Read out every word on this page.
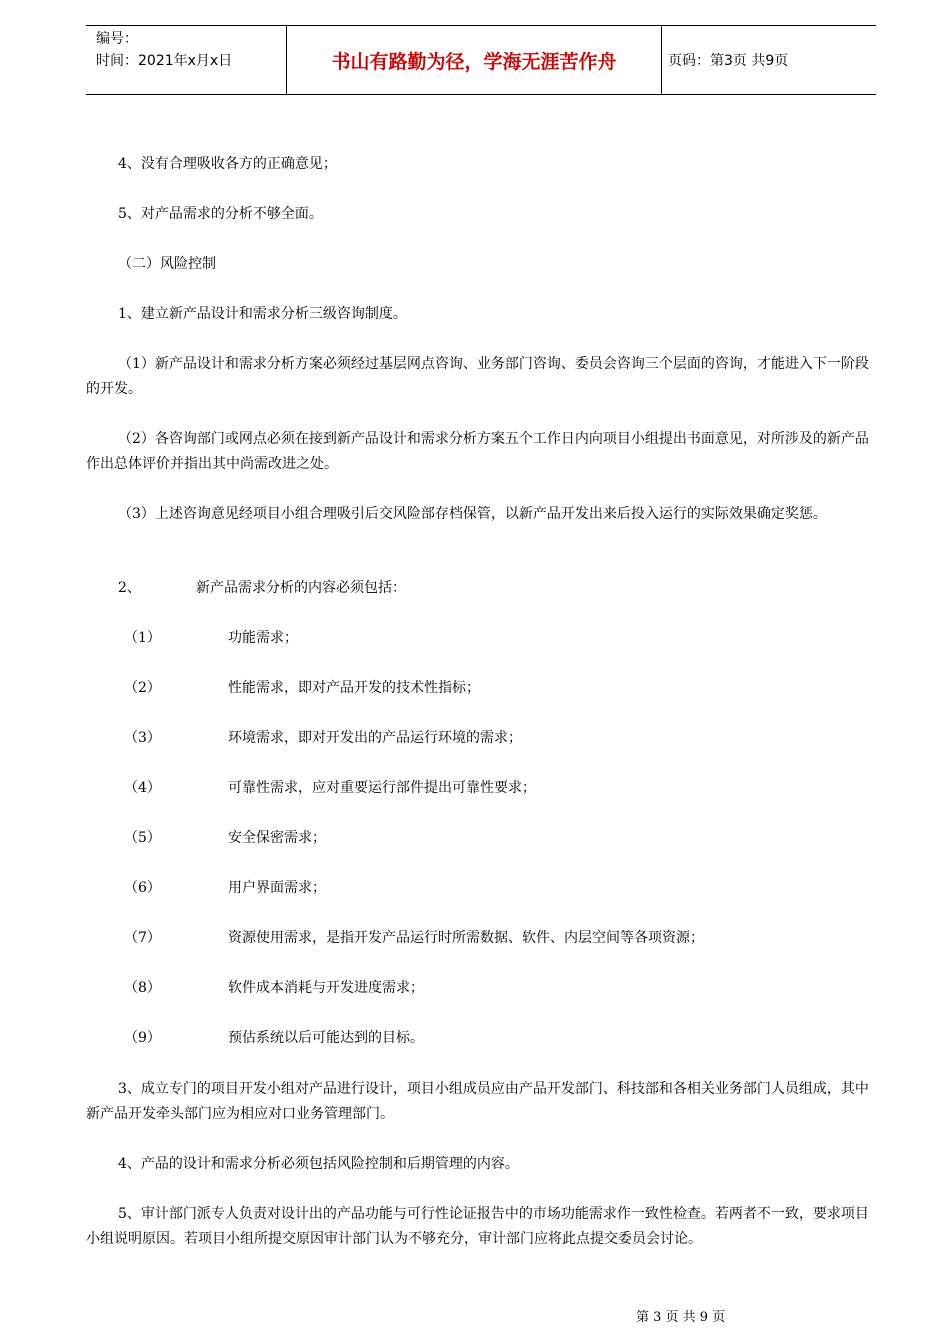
编号：
时间：2021年x月x日	书山有路勤为径，学海无涯苦作舟	页码：第3页 共9页
4、没有合理吸收各方的正确意见；
5、对产品需求的分析不够全面。
（二）风险控制
1、建立新产品设计和需求分析三级咨询制度。
（1）新产品设计和需求分析方案必须经过基层网点咨询、业务部门咨询、委员会咨询三个层面的咨询，才能进入下一阶段的开发。
（2）各咨询部门或网点必须在接到新产品设计和需求分析方案五个工作日内向项目小组提出书面意见，对所涉及的新产品作出总体评价并指出其中尚需改进之处。
（3）上述咨询意见经项目小组合理吸引后交风险部存档保管，以新产品开发出来后投入运行的实际效果确定奖惩。
2、	新产品需求分析的内容必须包括：
（1）	功能需求；
（2）	性能需求，即对产品开发的技术性指标；
（3）	环境需求，即对开发出的产品运行环境的需求；
（4）	可靠性需求，应对重要运行部件提出可靠性要求；
（5）	安全保密需求；
（6）	用户界面需求；
（7）	资源使用需求，是指开发产品运行时所需数据、软件、内层空间等各项资源；
（8）	软件成本消耗与开发进度需求；
（9）	预估系统以后可能达到的目标。
3、成立专门的项目开发小组对产品进行设计，项目小组成员应由产品开发部门、科技部和各相关业务部门人员组成，其中新产品开发牵头部门应为相应对口业务管理部门。
4、产品的设计和需求分析必须包括风险控制和后期管理的内容。
5、审计部门派专人负责对设计出的产品功能与可行性论证报告中的市场功能需求作一致性检查。若两者不一致，要求项目小组说明原因。若项目小组所提交原因审计部门认为不够充分，审计部门应将此点提交委员会讨论。
第 3 页 共 9 页
